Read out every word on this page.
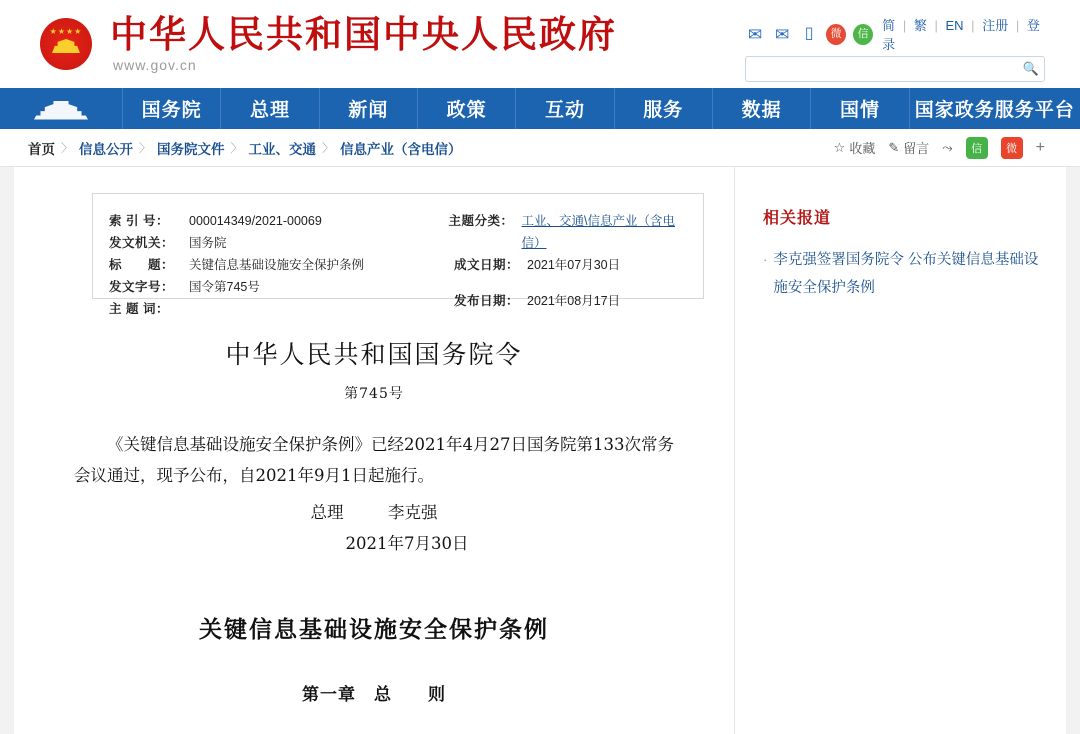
★★★★ 中华人民共和国中央人民政府
www.gov.cn
✉ ✉ ▯	微	信
简 | 繁 | EN | 注册 | 登录
🔍
国务院	总理	新闻	政策	互动	服务	数据	国情	国家政务服务平台
首页 〉 信息公开 〉 国务院文件 〉 工业、交通 〉 信息产业（含电信）	☆ 收藏 ✎ 留言 ⤳	信	微	+
索 引 号：	000014349/2021-00069
发文机关：	国务院
标　　题：	关键信息基础设施安全保护条例
发文字号：	国令第745号
主 题 词：
主题分类： 工业、交通\信息产业（含电信）
成文日期： 2021年07月30日
发布日期： 2021年08月17日
中华人民共和国国务院令
第745号
《关键信息基础设施安全保护条例》已经2021年4月27日国务院第133次常务会议通过，现予公布，自2021年9月1日起施行。
总理	李克强
2021年7月30日
关键信息基础设施安全保护条例
第一章　总　　则
相关报道
· 李克强签署国务院令 公布关键信息基础设施安全保护条例
